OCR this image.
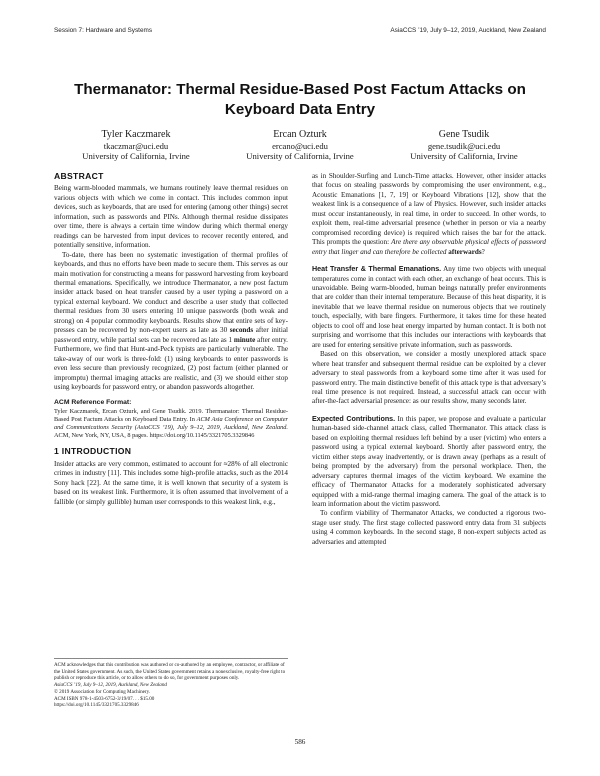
Session 7: Hardware and Systems	AsiaCCS ’19, July 9–12, 2019, Auckland, New Zealand
Thermanator: Thermal Residue-Based Post Factum Attacks on
Keyboard Data Entry
Tyler Kaczmarek
tkaczmar@uci.edu
University of California, Irvine
Ercan Ozturk
ercano@uci.edu
University of California, Irvine
Gene Tsudik
gene.tsudik@uci.edu
University of California, Irvine
ABSTRACT

Being warm-blooded mammals, we humans routinely leave thermal residues on various objects with which we come in contact. This includes common input devices, such as keyboards, that are used for entering (among other things) secret information, such as passwords and PINs. Although thermal residue dissipates over time, there is always a certain time window during which thermal energy readings can be harvested from input devices to recover recently entered, and potentially sensitive, information.

To-date, there has been no systematic investigation of thermal profiles of keyboards, and thus no efforts have been made to secure them. This serves as our main motivation for constructing a means for password harvesting from keyboard thermal emanations. Specifically, we introduce Thermanator, a new post factum insider attack based on heat transfer caused by a user typing a password on a typical external keyboard. We conduct and describe a user study that collected thermal residues from 30 users entering 10 unique passwords (both weak and strong) on 4 popular commodity keyboards. Results show that entire sets of key-presses can be recovered by non-expert users as late as 30 seconds after initial password entry, while partial sets can be recovered as late as 1 minute after entry. Furthermore, we find that Hunt-and-Peck typists are particularly vulnerable. The take-away of our work is three-fold: (1) using keyboards to enter passwords is even less secure than previously recognized, (2) post factum (either planned or impromptu) thermal imaging attacks are realistic, and (3) we should either stop using keyboards for password entry, or abandon passwords altogether.

ACM Reference Format:
Tyler Kaczmarek, Ercan Ozturk, and Gene Tsudik. 2019. Thermanator: Thermal Residue-Based Post Factum Attacks on Keyboard Data Entry. In ACM Asia Conference on Computer and Communications Security (AsiaCCS ’19), July 9–12, 2019, Auckland, New Zealand. ACM, New York, NY, USA, 8 pages. https://doi.org/10.1145/3321705.3329846
1 INTRODUCTION

Insider attacks are very common, estimated to account for ≈28% of all electronic crimes in industry [11]. This includes some high-profile attacks, such as the 2014 Sony hack [22]. At the same time, it is well known that security of a system is based on its weakest link. Furthermore, it is often assumed that involvement of a fallible (or simply gullible) human user corresponds to this weakest link, e.g.,

ACM acknowledges that this contribution was authored or co-authored by an employee, contractor, or affiliate of the United States government. As such, the United States government retains a nonexclusive, royalty-free right to publish or reproduce this article, or to allow others to do so, for government purposes only.
AsiaCCS ’19, July 9–12, 2019, Auckland, New Zealand
© 2019 Association for Computing Machinery.
ACM ISBN 978-1-4503-6752-3/19/07. . . $15.00
https://doi.org/10.1145/3321705.3329846

as in Shoulder-Surfing and Lunch-Time attacks. However, other insider attacks that focus on stealing passwords by compromising the user environment, e.g., Acoustic Emanations [1, 7, 19] or Keyboard Vibrations [12], show that the weakest link is a consequence of a law of Physics. However, such insider attacks must occur instantaneously, in real time, in order to succeed. In other words, to exploit them, real-time adversarial presence (whether in person or via a nearby compromised recording device) is required which raises the bar for the attack. This prompts the question: Are there any observable physical effects of password entry that linger and can therefore be collected afterwards?

Heat Transfer & Thermal Emanations. Any time two objects with unequal temperatures come in contact with each other, an exchange of heat occurs. This is unavoidable. Being warm-blooded, human beings naturally prefer environments that are colder than their internal temperature. Because of this heat disparity, it is inevitable that we leave thermal residue on numerous objects that we routinely touch, especially, with bare fingers. Furthermore, it takes time for these heated objects to cool off and lose heat energy imparted by human contact. It is both not surprising and worrisome that this includes our interactions with keyboards that are used for entering sensitive private information, such as passwords.

Based on this observation, we consider a mostly unexplored attack space where heat transfer and subsequent thermal residue can be exploited by a clever adversary to steal passwords from a keyboard some time after it was used for password entry. The main distinctive benefit of this attack type is that adversary’s real time presence is not required. Instead, a successful attack can occur with after-the-fact adversarial presence: as our results show, many seconds later.

Expected Contributions. In this paper, we propose and evaluate a particular human-based side-channel attack class, called Thermanator. This attack class is based on exploiting thermal residues left behind by a user (victim) who enters a password using a typical external keyboard. Shortly after password entry, the victim either steps away inadvertently, or is drawn away (perhaps as a result of being prompted by the adversary) from the personal workplace. Then, the adversary captures thermal images of the victim keyboard. We examine the efficacy of Thermanator Attacks for a moderately sophisticated adversary equipped with a mid-range thermal imaging camera. The goal of the attack is to learn information about the victim password.

To confirm viability of Thermanator Attacks, we conducted a rigorous two-stage user study. The first stage collected password entry data from 31 subjects using 4 common keyboards. In the second stage, 8 non-expert subjects acted as adversaries and attempted

586
